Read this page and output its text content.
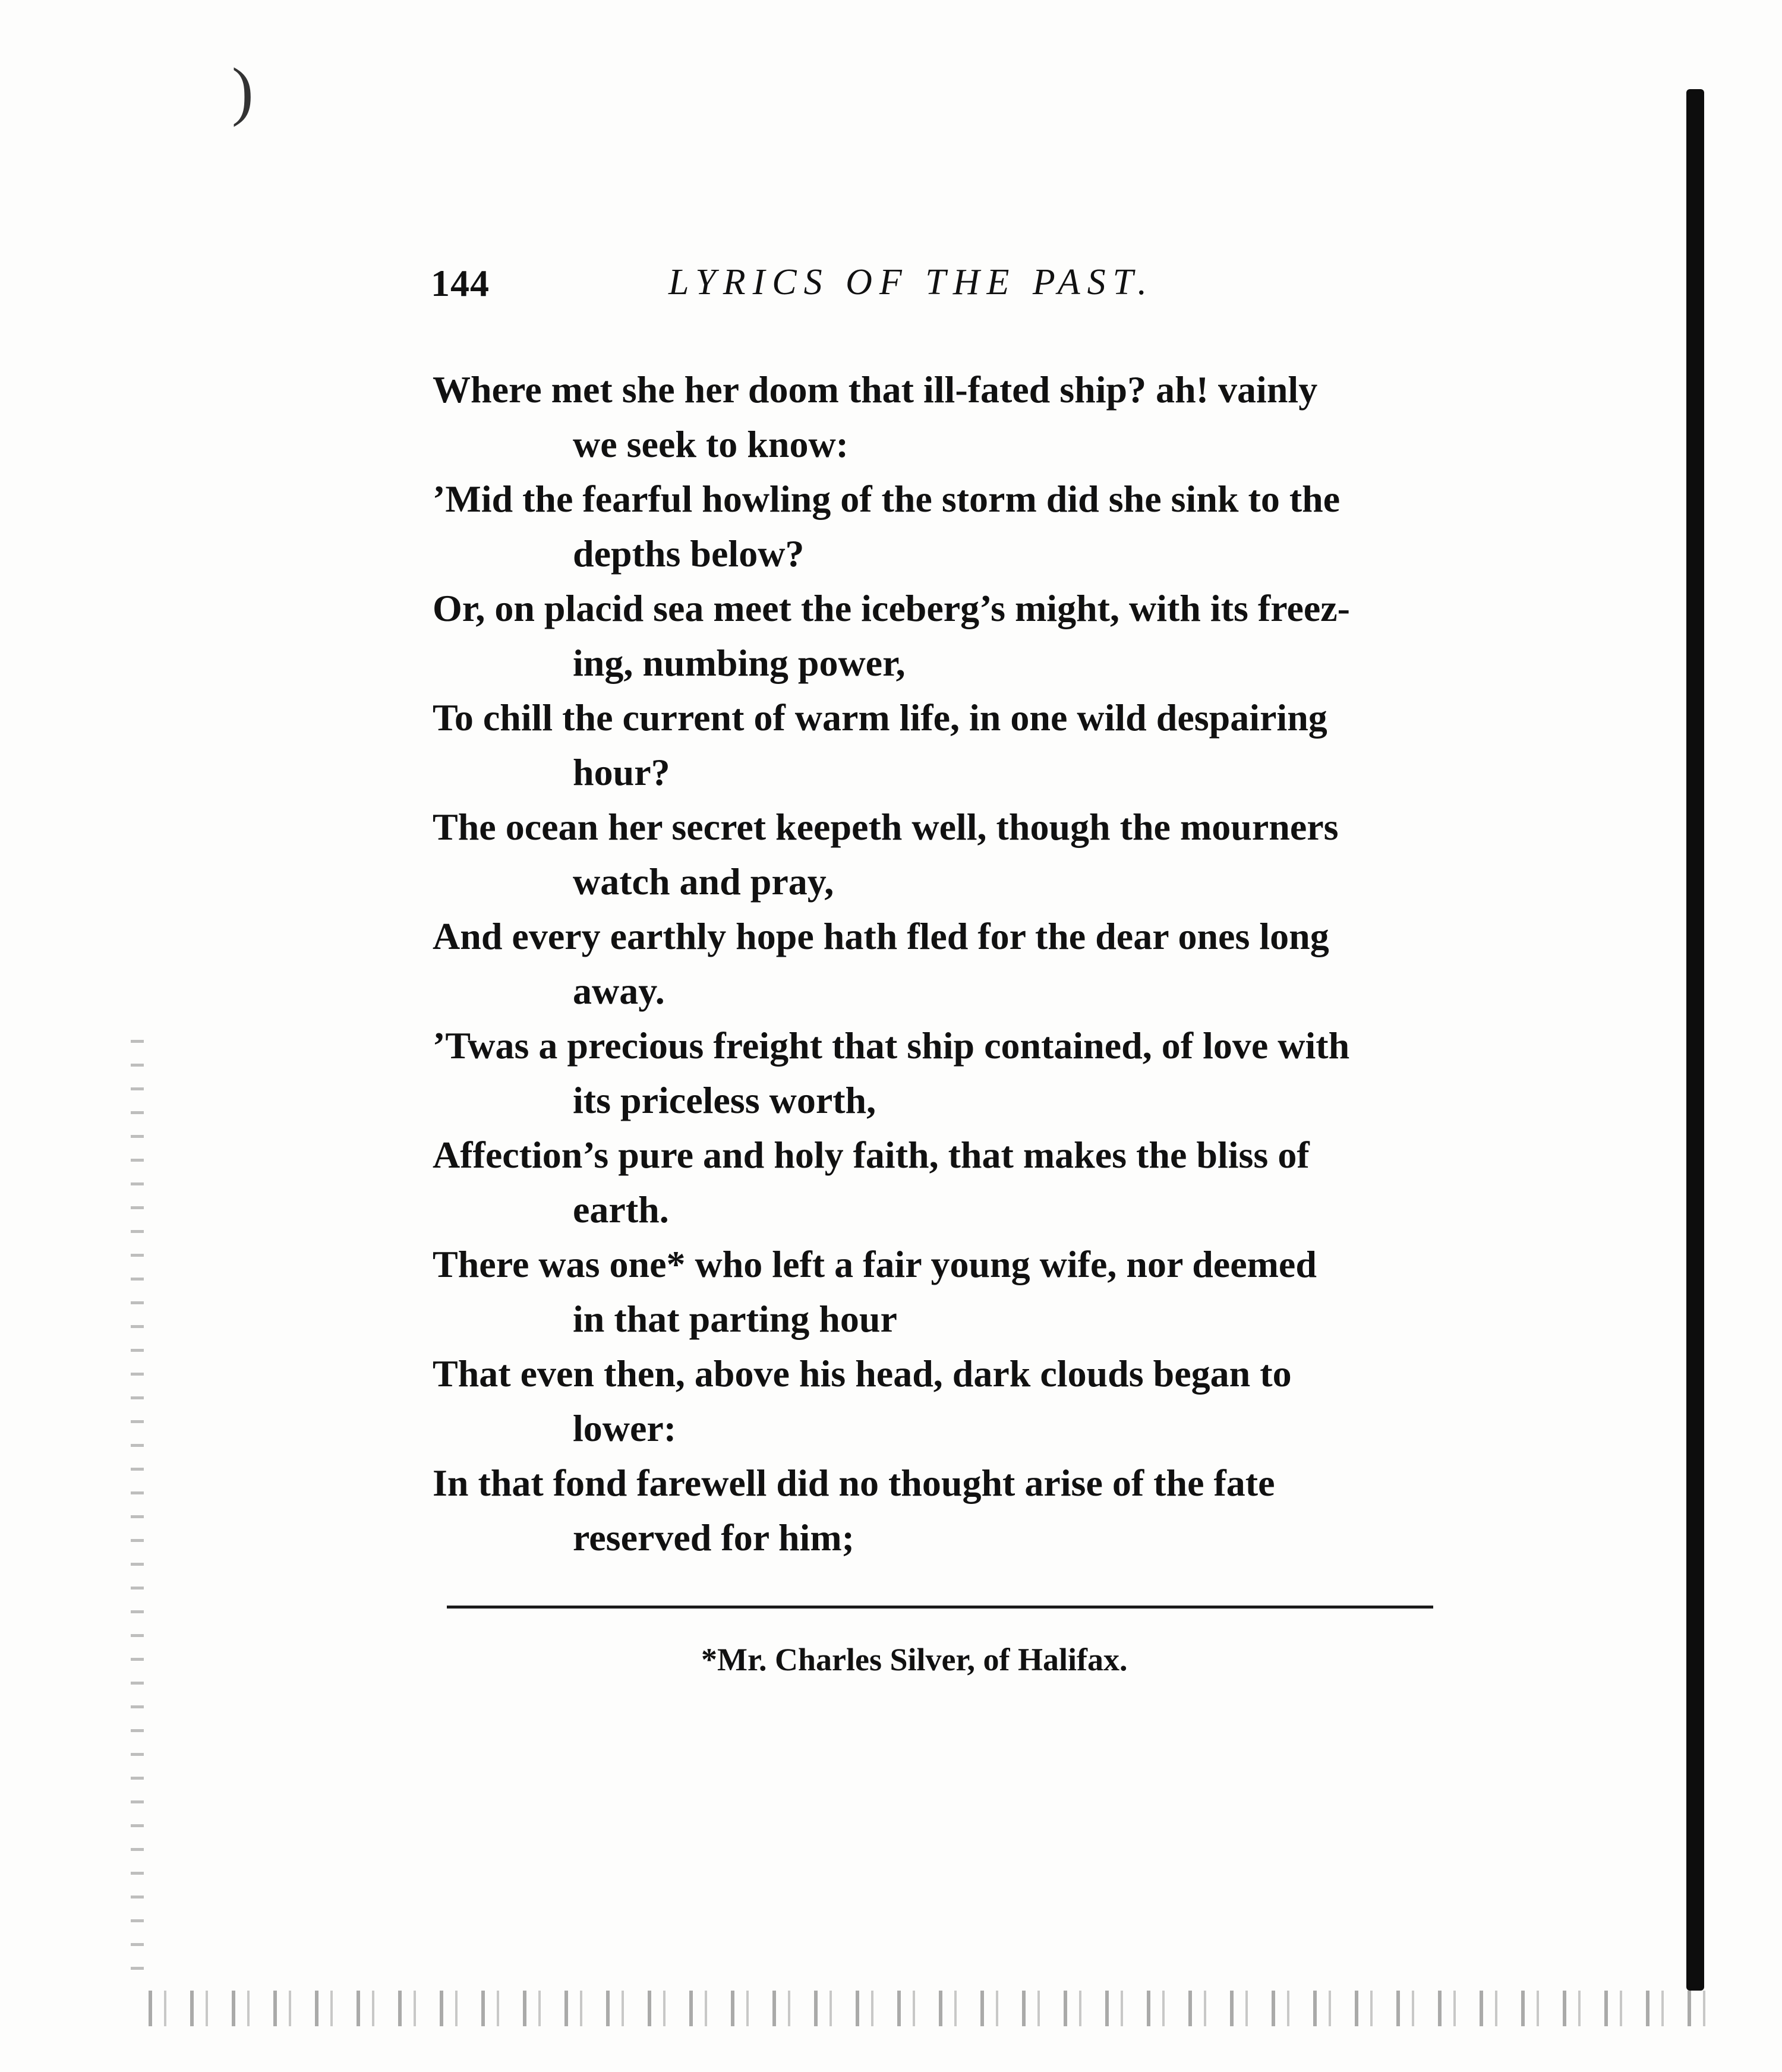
)
144	LYRICS OF THE PAST.
Where met she her doom that ill-fated ship? ah! vainly
we seek to know:
’Mid the fearful howling of the storm did she sink to the
depths below?
Or, on placid sea meet the iceberg’s might, with its freez-
ing, numbing power,
To chill the current of warm life, in one wild despairing
hour?
The ocean her secret keepeth well, though the mourners
watch and pray,
And every earthly hope hath fled for the dear ones long
away.
’Twas a precious freight that ship contained, of love with
its priceless worth,
Affection’s pure and holy faith, that makes the bliss of
earth.
There was one* who left a fair young wife, nor deemed
in that parting hour
That even then, above his head, dark clouds began to
lower:
In that fond farewell did no thought arise of the fate
reserved for him;
*Mr. Charles Silver, of Halifax.
